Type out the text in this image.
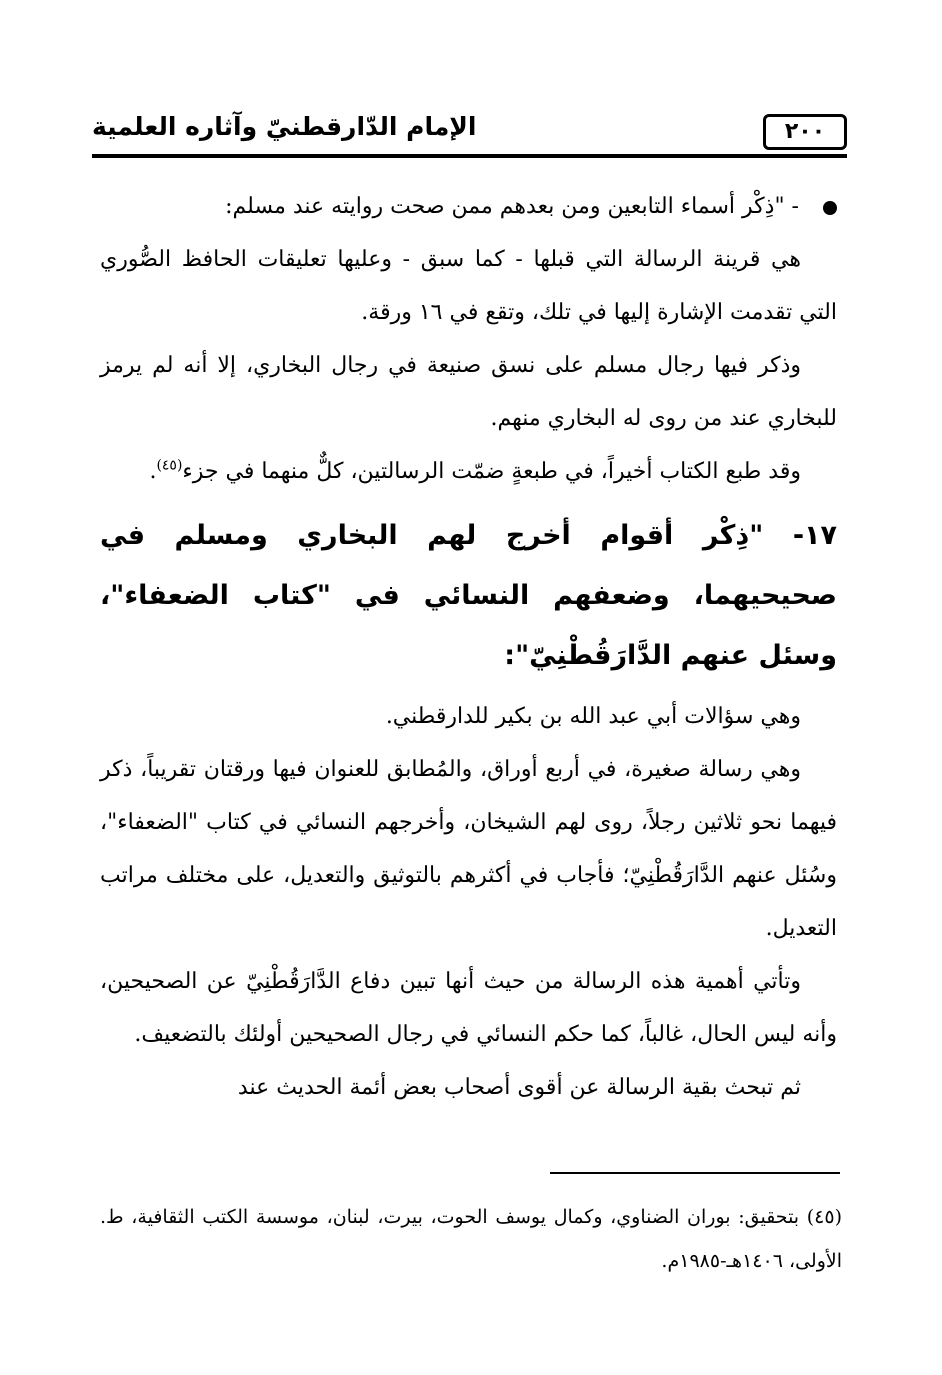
٢٠٠
الإمام الدّارقطنيّ وآثاره العلمية

- "ذِكْر أسماء التابعين ومن بعدهم ممن صحت روايته عند مسلم:

هي قرينة الرسالة التي قبلها - كما سبق - وعليها تعليقات الحافظ الصُّوري التي تقدمت الإشارة إليها في تلك، وتقع في ١٦ ورقة.

وذكر فيها رجال مسلم على نسق صنيعة في رجال البخاري، إلا أنه لم يرمز للبخاري عند من روى له البخاري منهم.

وقد طبع الكتاب أخيراً، في طبعةٍ ضمّت الرسالتين، كلٌّ منهما في جزء$^{(٤٥)}$.

١٧- "ذِكْر أقوام أخرج لهم البخاري ومسلم في صحيحيهما، وضعفهم النسائي في "كتاب الضعفاء"، وسئل عنهم الدَّارَقُطْنِيّ":

وهي سؤالات أبي عبد الله بن بكير للدارقطني.

وهي رسالة صغيرة، في أربع أوراق، والمُطابق للعنوان فيها ورقتان تقريباً، ذكر فيهما نحو ثلاثين رجلاً، روى لهم الشيخان، وأخرجهم النسائي في كتاب "الضعفاء"، وسُئل عنهم الدَّارَقُطْنِيّ؛ فأجاب في أكثرهم بالتوثيق والتعديل، على مختلف مراتب التعديل.

وتأتي أهمية هذه الرسالة من حيث أنها تبين دفاع الدَّارَقُطْنِيّ عن الصحيحين، وأنه ليس الحال، غالباً، كما حكم النسائي في رجال الصحيحين أولئك بالتضعيف.

ثم تبحث بقية الرسالة عن أقوى أصحاب بعض أئمة الحديث عند

(٤٥) بتحقيق: بوران الضناوي، وكمال يوسف الحوت، بيرت، لبنان، موسسة الكتب الثقافية، ط. الأولى، ١٤٠٦هـ-١٩٨٥م.
